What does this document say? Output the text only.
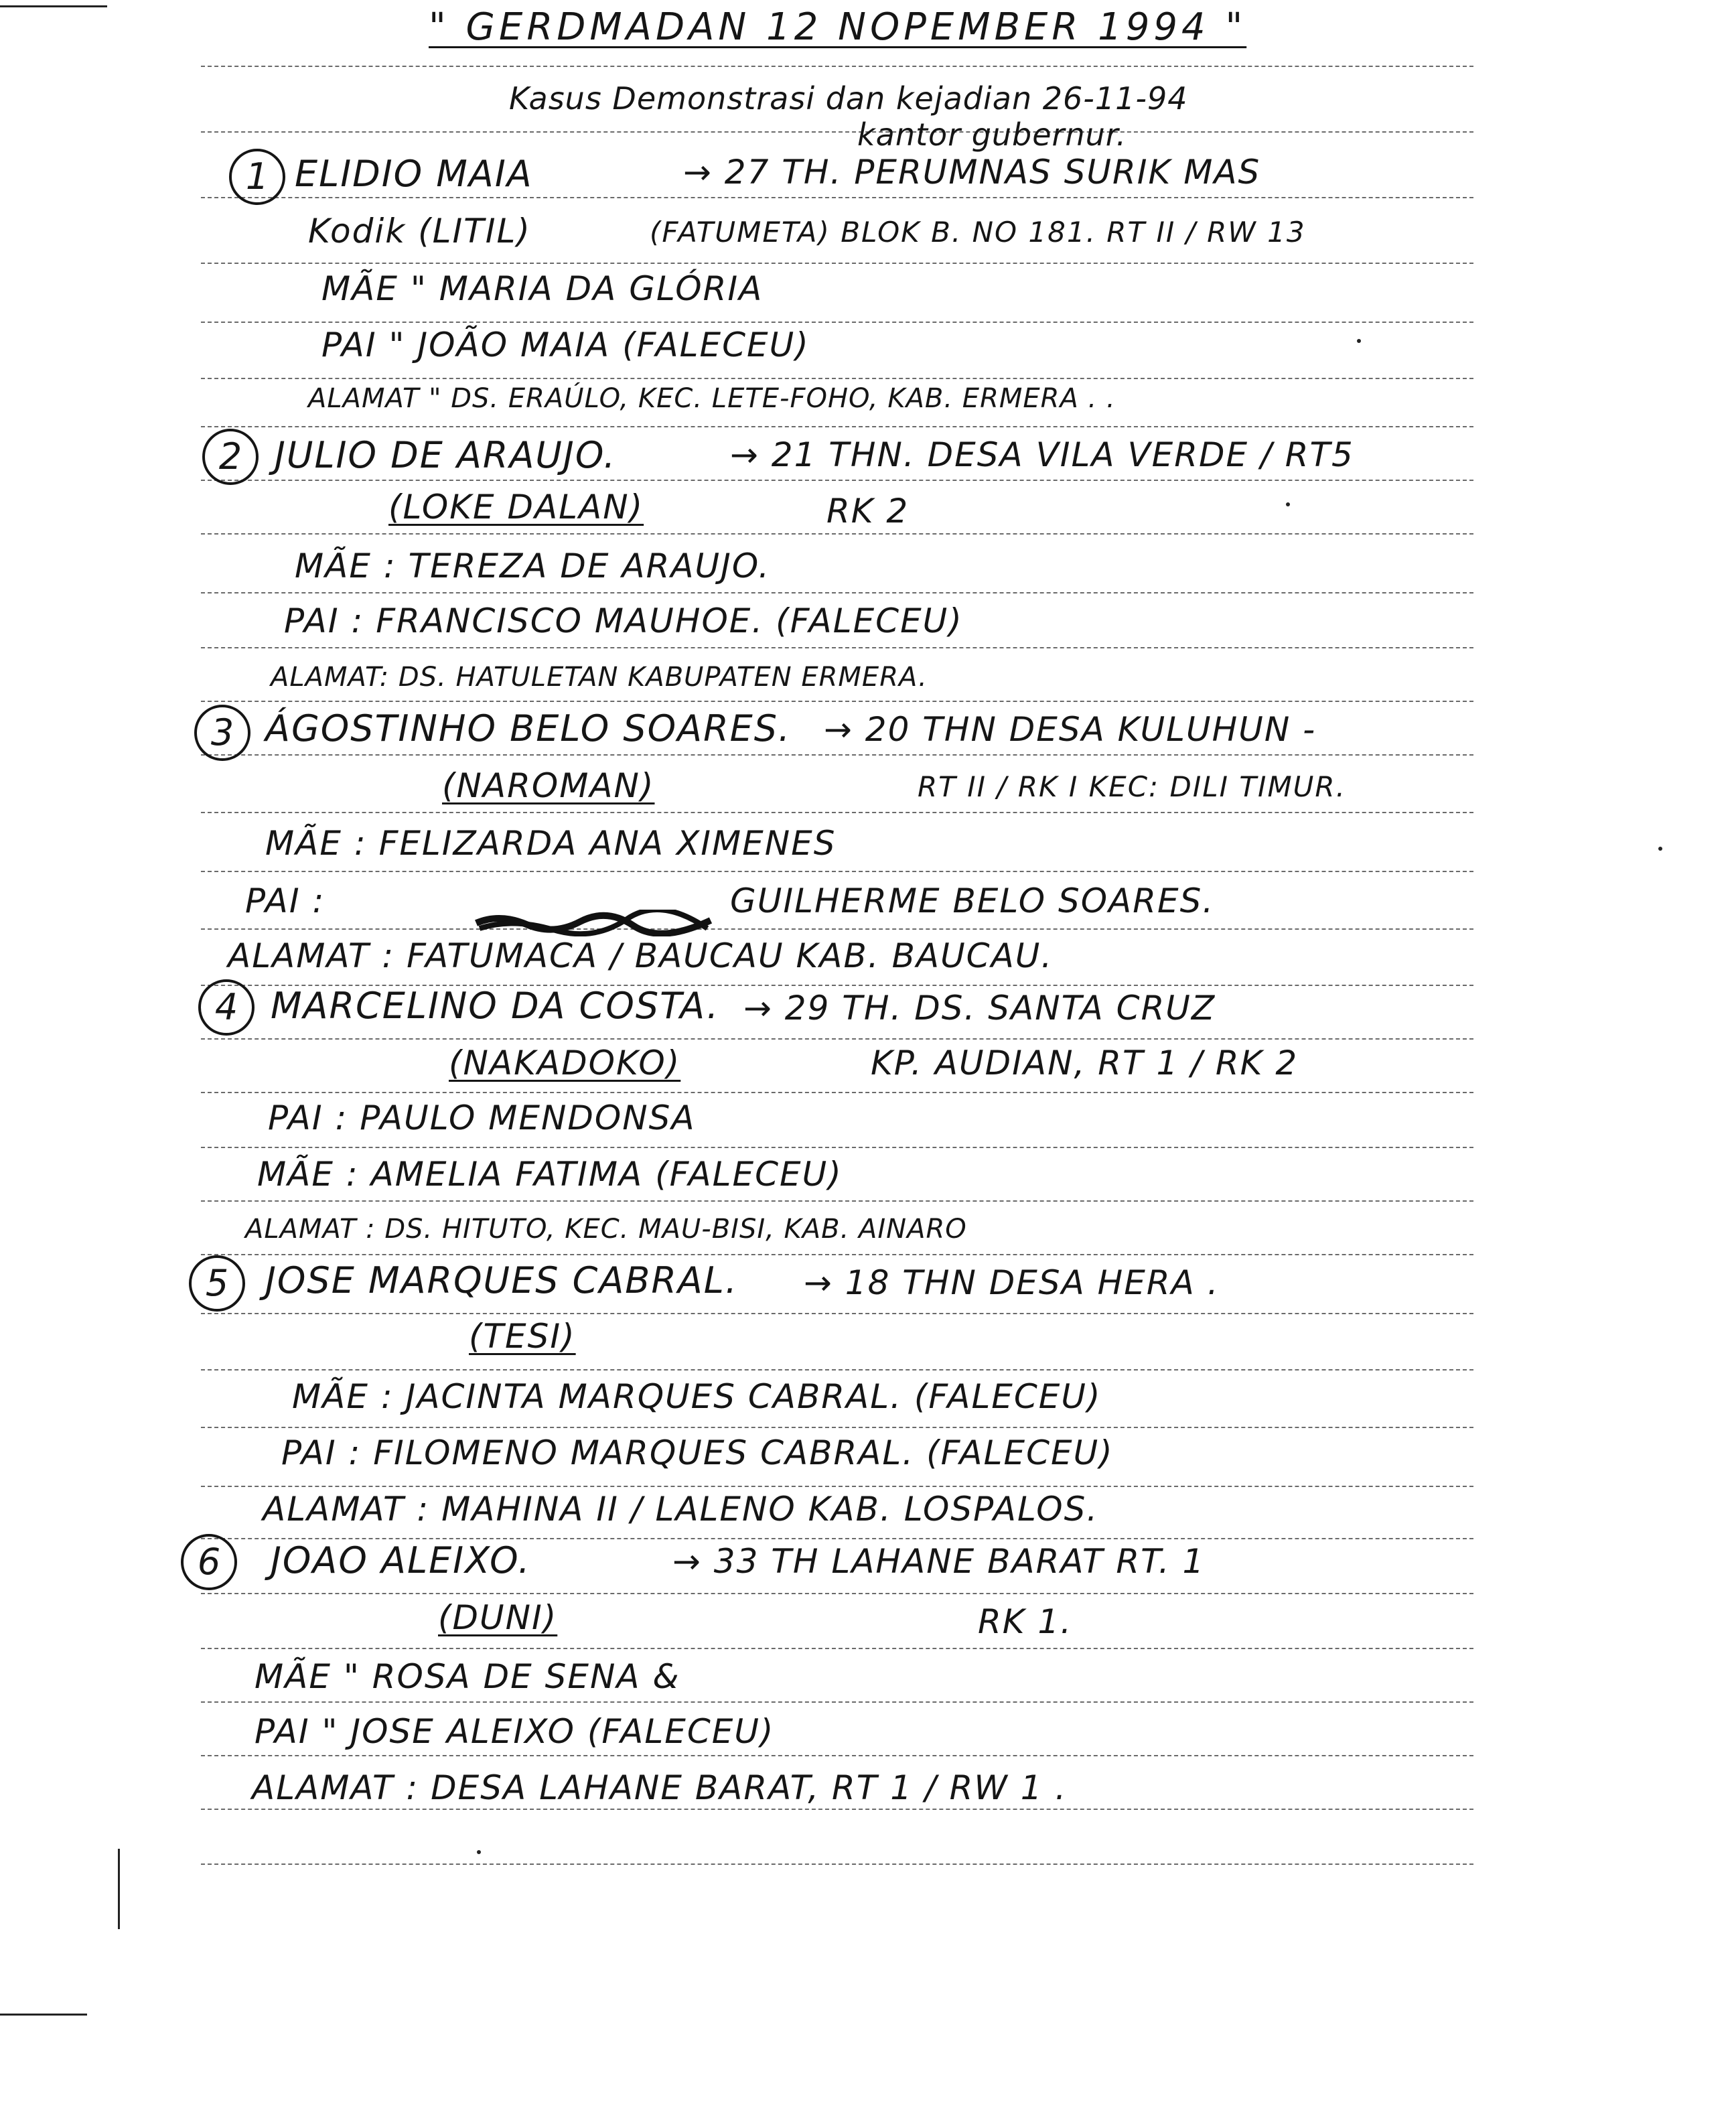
" GERDMADAN 12 NOPEMBER 1994 "
Kasus Demonstrasi dan kejadian 26-11-94
kantor gubernur.
1 ELIDIO MAIA	→ 27 TH. PERUMNAS SURIK MAS
Kodik (LITIL)	(FATUMETA) BLOK B. NO 181. RT II / RW 13
MÃE " MARIA DA GLÓRIA
PAI " JOÃO MAIA (FALECEU)
ALAMAT " DS. ERAÚLO, KEC. LETE-FOHO, KAB. ERMERA . .
2 JULIO DE ARAUJO.	→ 21 THN. DESA VILA VERDE / RT5
(LOKE DALAN)	RK 2
MÃE : TEREZA DE ARAUJO.
PAI : FRANCISCO MAUHOE. (FALECEU)
ALAMAT: DS. HATULETAN KABUPATEN ERMERA.
3 ÁGOSTINHO BELO SOARES. → 20 THN DESA KULUHUN -
(NAROMAN)	RT II / RK I KEC: DILI TIMUR.
MÃE : FELIZARDA ANA XIMENES
PAI :	GUILHERME BELO SOARES.
ALAMAT : FATUMACA / BAUCAU KAB. BAUCAU.
4 MARCELINO DA COSTA. → 29 TH. DS. SANTA CRUZ
(NAKADOKO)	KP. AUDIAN, RT 1 / RK 2
PAI : PAULO MENDONSA
MÃE : AMELIA FATIMA (FALECEU)
ALAMAT : DS. HITUTO, KEC. MAU-BISI, KAB. AINARO
5	JOSE MARQUES CABRAL. → 18 THN DESA HERA .
(TESI)
MÃE : JACINTA MARQUES CABRAL. (FALECEU)
PAI : FILOMENO MARQUES CABRAL. (FALECEU)
ALAMAT : MAHINA II / LALENO KAB. LOSPALOS.
6	JOAO ALEIXO.	→ 33 TH LAHANE BARAT RT. 1
(DUNI)	RK 1.
MÃE " ROSA DE SENA &
PAI " JOSE ALEIXO (FALECEU)
ALAMAT : DESA LAHANE BARAT, RT 1 / RW 1 .
